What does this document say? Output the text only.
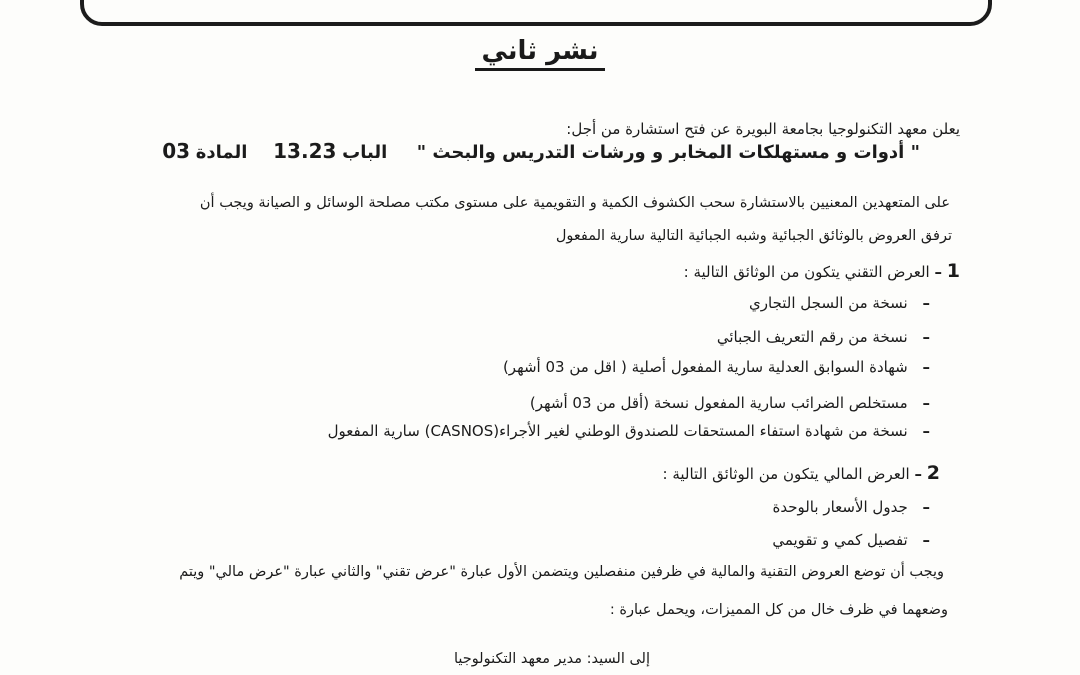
نشر ثاني
يعلن معهد التكنولوجيا بجامعة البويرة عن فتح استشارة من أجل:
" أدوات و مستهلكات المخابر و ورشات التدريس والبحث "  الباب 13.23 المادة 03
على المتعهدين المعنيين بالاستشارة سحب الكشوف الكمية و التقويمية على مستوى مكتب مصلحة الوسائل و الصيانة ويجب أن
ترفق العروض بالوثائق الجبائية وشبه الجبائية التالية سارية المفعول
1 – العرض التقني يتكون من الوثائق التالية :
– نسخة من السجل التجاري
– نسخة من رقم التعريف الجبائي
– شهادة السوابق العدلية سارية المفعول أصلية ( اقل من 03 أشهر)
– مستخلص الضرائب سارية المفعول نسخة (أقل من 03 أشهر)
– نسخة من شهادة استفاء المستحقات للصندوق الوطني لغير الأجراء(CASNOS) سارية المفعول
2 – العرض المالي يتكون من الوثائق التالية :
– جدول الأسعار بالوحدة
– تفصيل كمي و تقويمي
ويجب أن توضع العروض التقنية والمالية في ظرفين منفصلين ويتضمن الأول عبارة "عرض تقني" والثاني عبارة "عرض مالي" ويتم
وضعهما في ظرف خال من كل المميزات، ويحمل عبارة :
إلى السيد: مدير معهد التكنولوجيا
